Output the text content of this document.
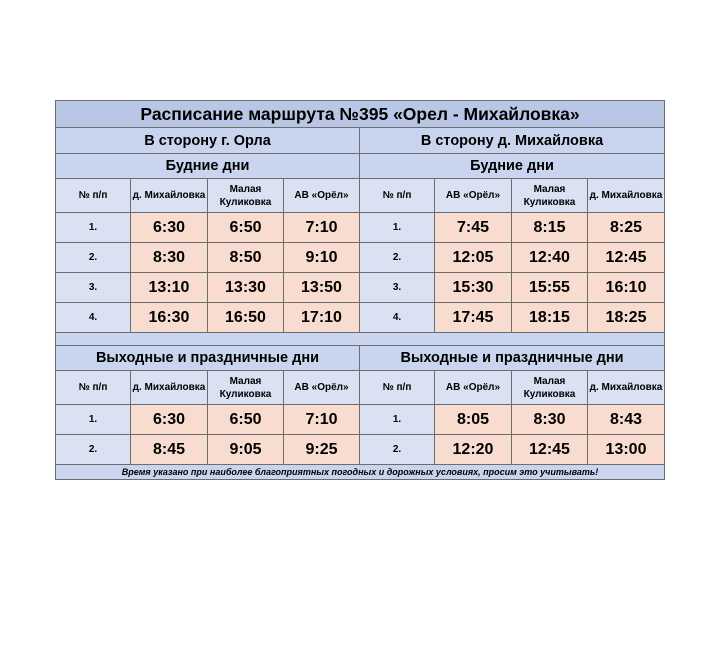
Расписание маршрута №395 «Орел - Михайловка»							
В сторону г. Орла				В сторону д. Михайловка			
Будние дни				Будние дни			
№ п/п	д. Михайловка	Малая Куликовка	АВ «Орёл»	№ п/п	АВ «Орёл»	Малая Куликовка	д. Михайловка
1.	6:30	6:50	7:10	1.	7:45	8:15	8:25
2.	8:30	8:50	9:10	2.	12:05	12:40	12:45
3.	13:10	13:30	13:50	3.	15:30	15:55	16:10
4.	16:30	16:50	17:10	4.	17:45	18:15	18:25

Выходные и праздничные дни				Выходные и праздничные дни			
№ п/п	д. Михайловка	Малая Куликовка	АВ «Орёл»	№ п/п	АВ «Орёл»	Малая Куликовка	д. Михайловка
1.	6:30	6:50	7:10	1.	8:05	8:30	8:43
2.	8:45	9:05	9:25	2.	12:20	12:45	13:00
Время указано при наиболее благоприятных погодных и дорожных условиях, просим это учитывать!							
